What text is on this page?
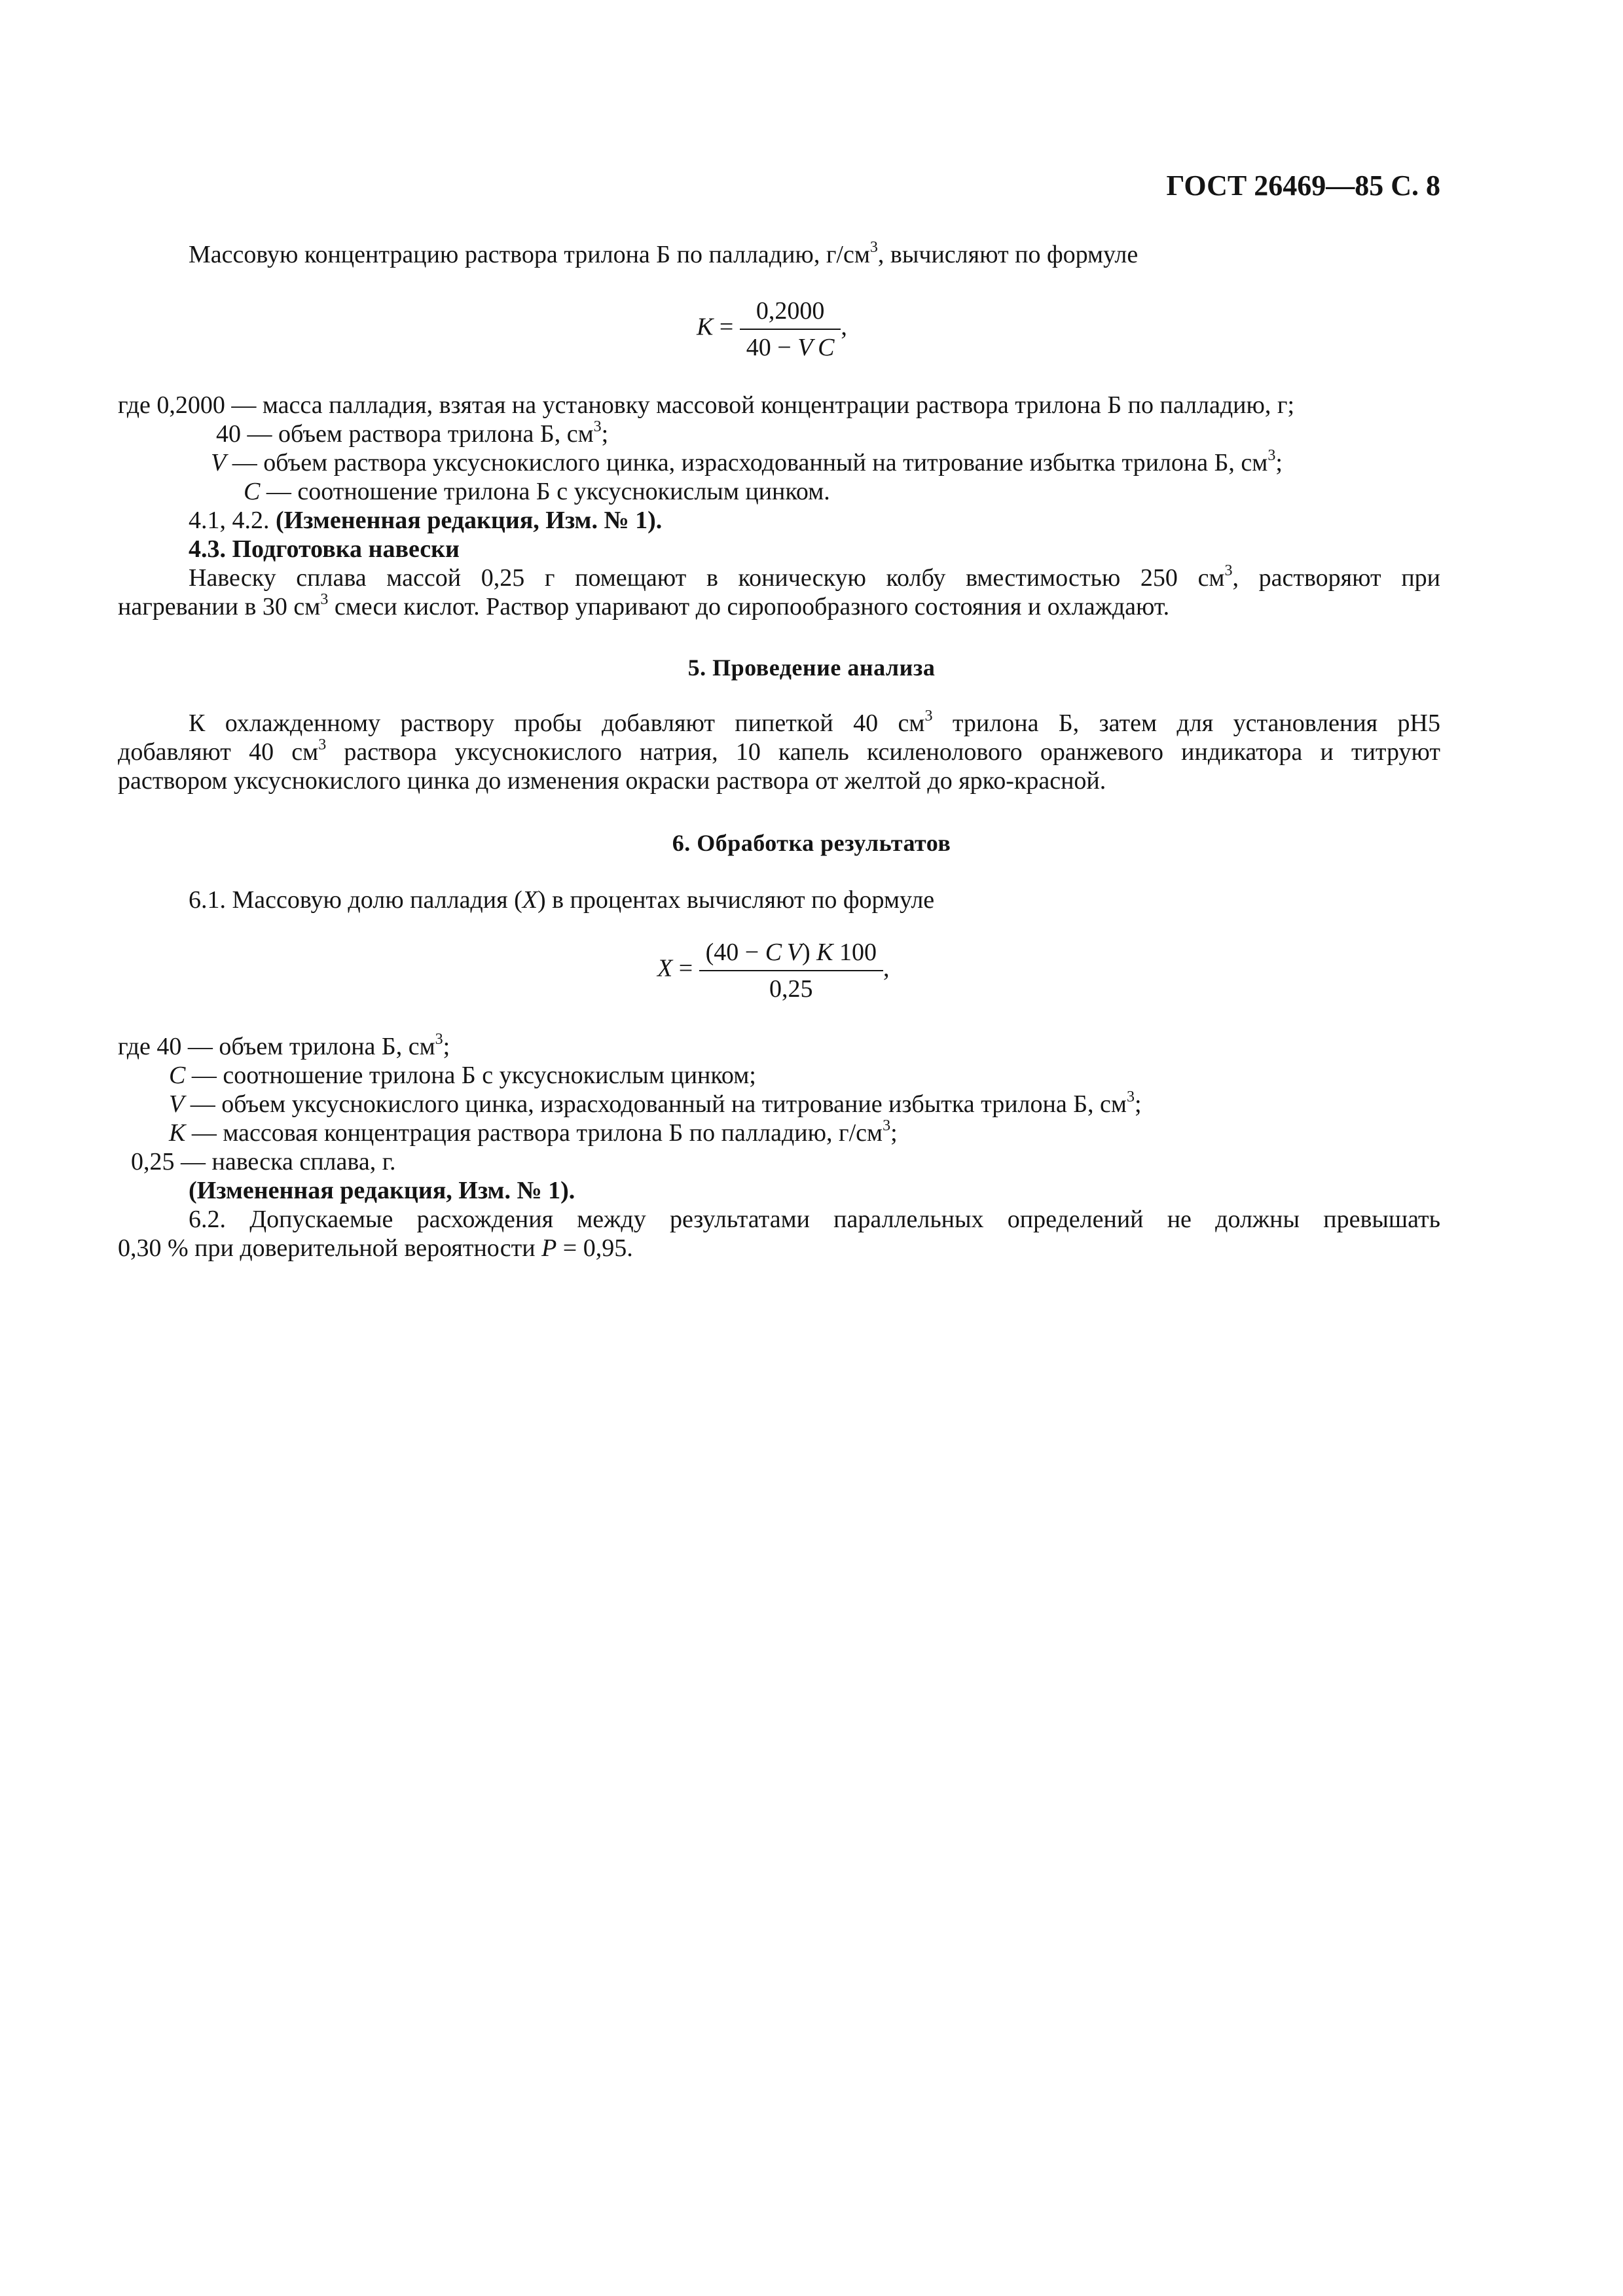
ГОСТ 26469—85 С. 8
Массовую концентрацию раствора трилона Б по палладию, $г/см^3$, вычисляют по формуле
$K = \frac{0,2000}{\text{40 − V  C}}$ ,
где 0,2000 — масса палладия, взятая на установку массовой концентрации раствора трилона Б по палладию, г;
40 — объем раствора трилона Б, $см^3$;
V — объем раствора уксуснокислого цинка, израсходованный на титрование избытка трилона Б, $см^3$;
C — соотношение трилона Б с уксуснокислым цинком.
4.1, 4.2. (Измененная редакция, Изм. № 1).
4.3. Подготовка навески
Навеску сплава массой 0,25 г помещают в коническую колбу вместимостью 250 $см^3$, растворяют при
нагревании в 30 $см^3$ смеси кислот. Раствор упаривают до сиропообразного состояния и охлаждают.
5. Проведение анализа
К охлажденному раствору пробы добавляют пипеткой 40 $см^3$ трилона Б, затем для установления pH5
добавляют 40 $см^3$ раствора уксуснокислого натрия, 10 капель ксиленолового оранжевого индикатора и титруют
раствором уксуснокислого цинка до изменения окраски раствора от желтой до ярко-красной.
6. Обработка результатов
6.1. Массовую долю палладия (X) в процентах вычисляют по формуле
$X = \frac{\text{(40 − C  V) K 100}}{0,25}$ ,
где 40 — объем трилона Б, $см^3$;
C — соотношение трилона Б с уксуснокислым цинком;
V — объем уксуснокислого цинка, израсходованный на титрование избытка трилона Б, $см^3$;
K — массовая концентрация раствора трилона Б по палладию, $г/см^3$;
0,25 — навеска сплава, г.
(Измененная редакция, Изм. № 1).
6.2. Допускаемые расхождения между результатами параллельных определений не должны превышать
0,30 % при доверительной вероятности P = 0,95.
